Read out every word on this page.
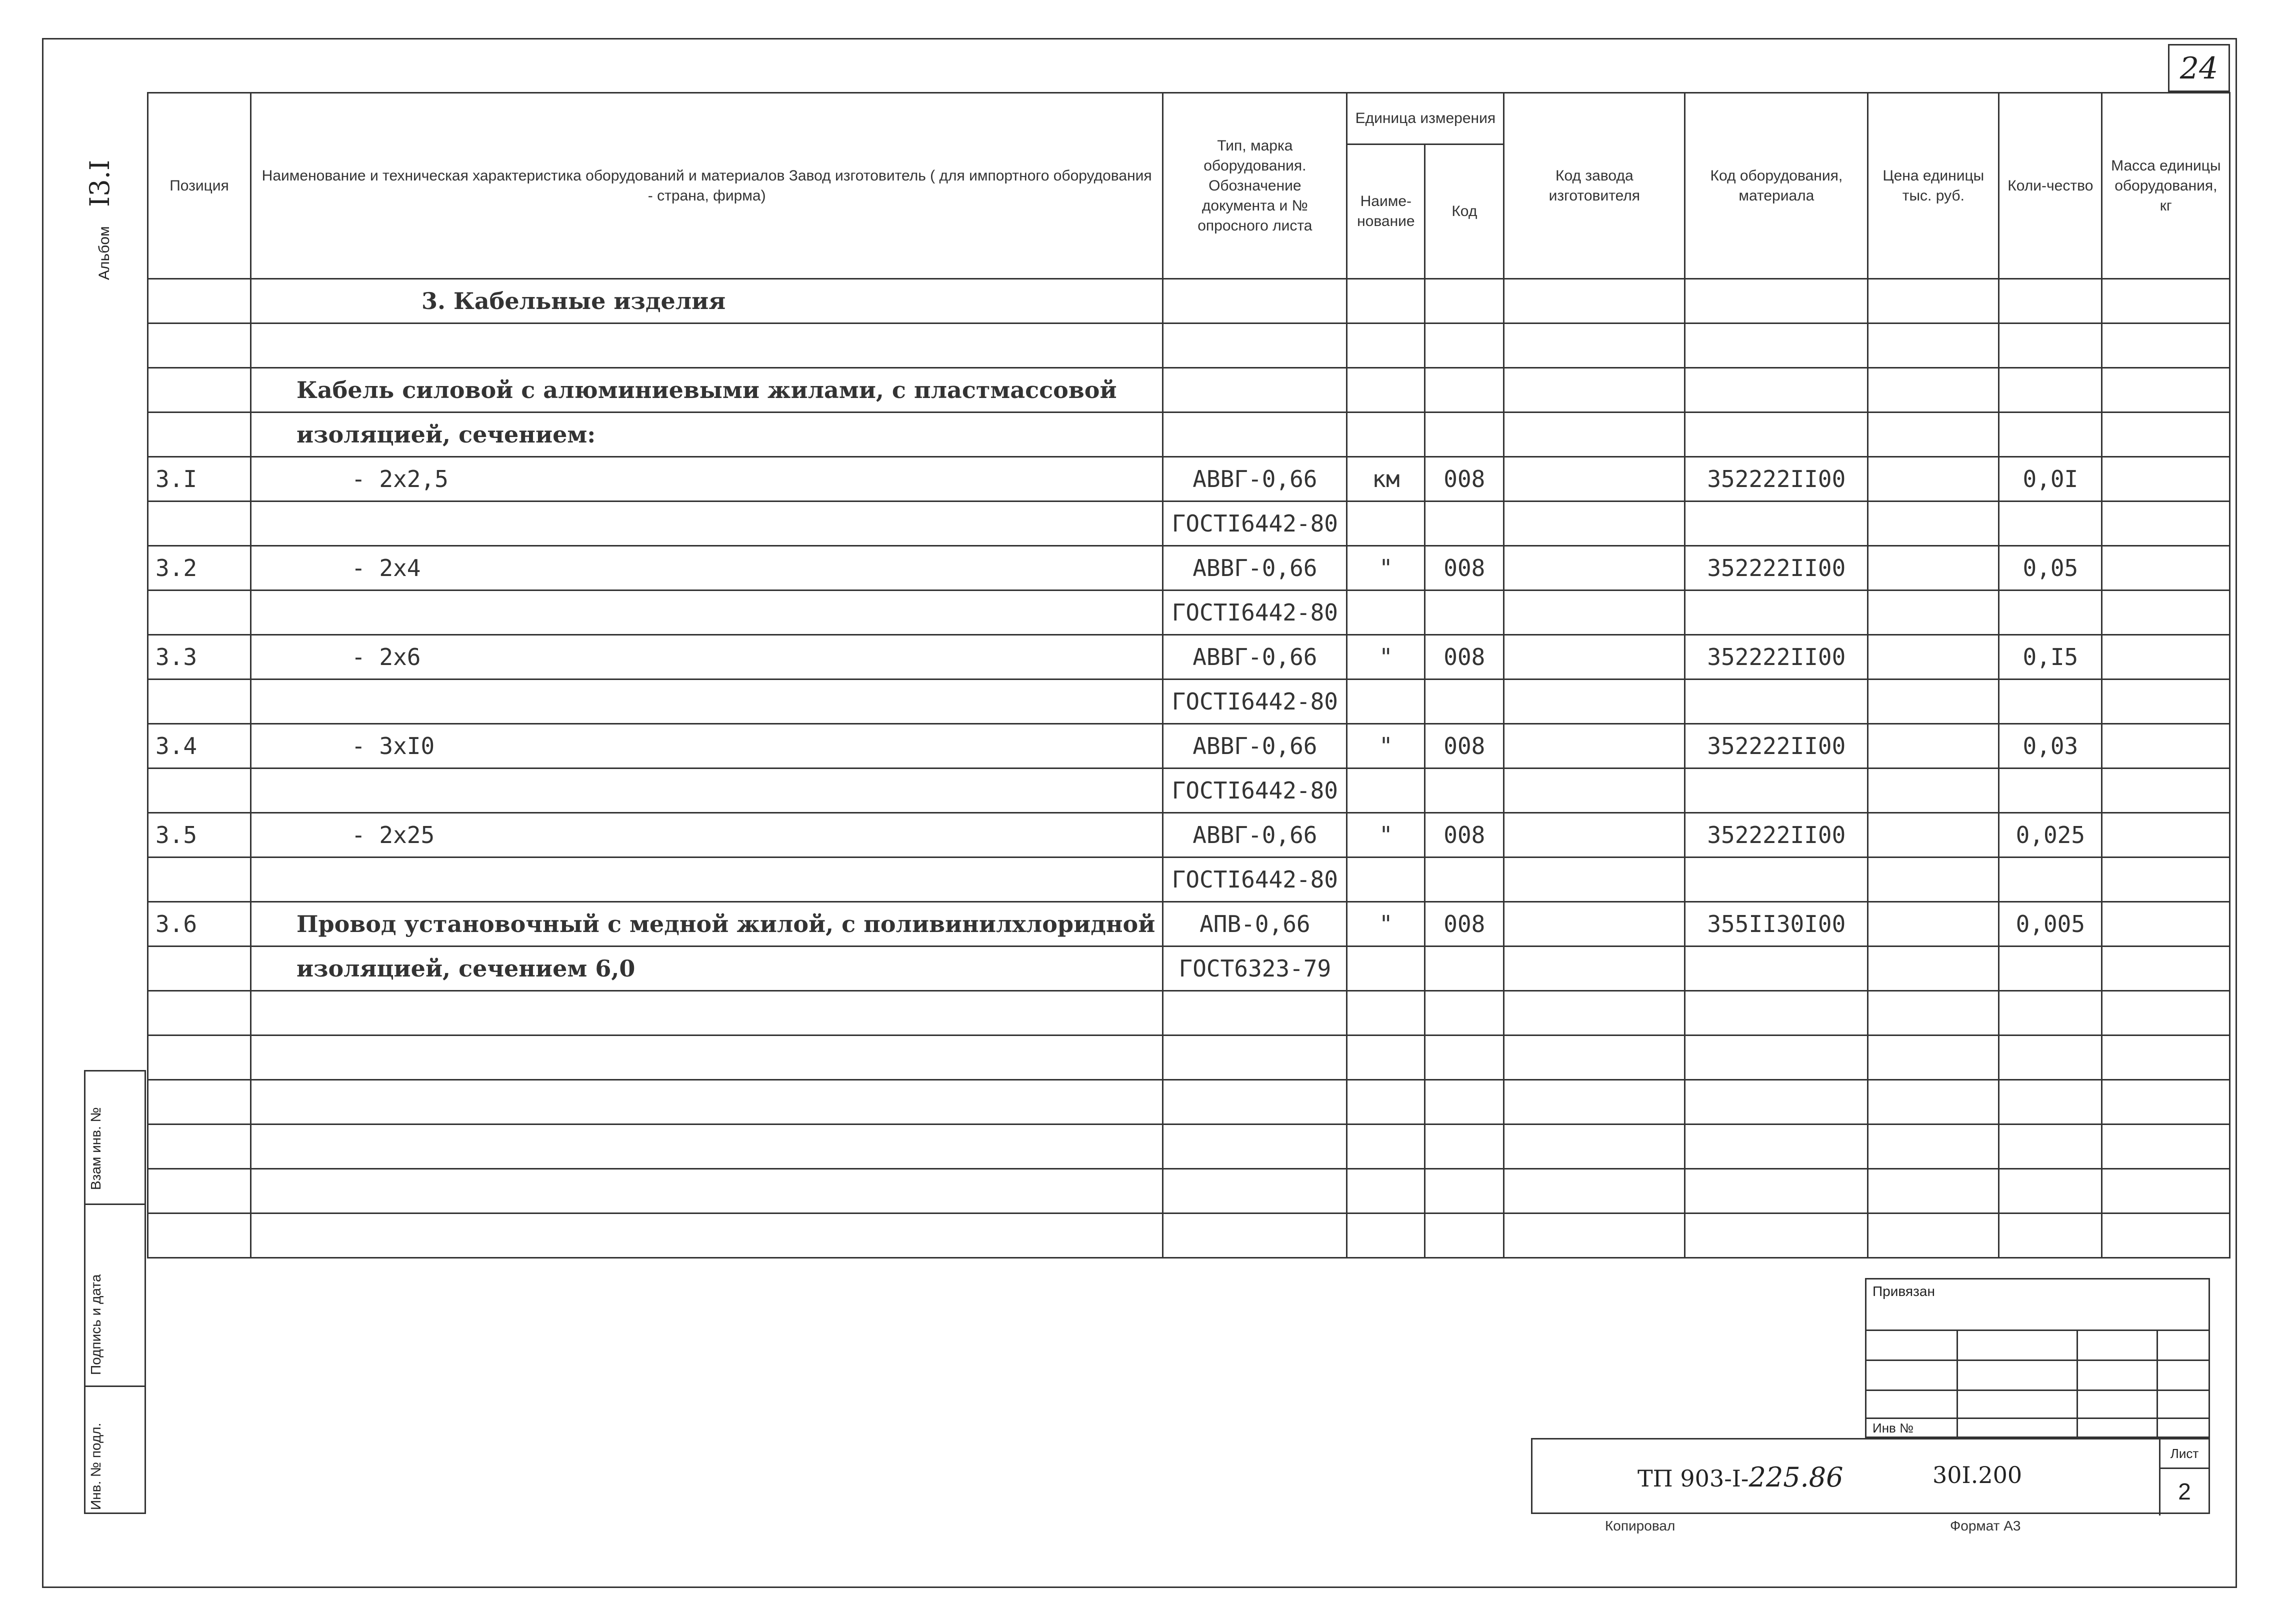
24
Альбом I3.I	Позиция	Наименование и техническая характеристика оборудований и материалов Завод изготовитель ( для импортного оборудования - страна, фирма)	Тип, марка оборудования. Обозначение документа и № опросного листа	Единица измерения		Код завода изготовителя	Код оборудования, материала	Цена единицы тыс. руб.	Коли-чество	Масса единицы оборудования, кг
			Наиме-нование	Код					
	3. Кабельные изделия								

	Кабель силовой с алюминиевыми жилами, с пластмассовой								
	изоляцией, сечением:								
3.I	- 2х2,5	АВВГ-0,66	км	008		352222II00		0,0I	
		ГОСТI6442-80							
3.2	- 2х4	АВВГ-0,66	"	008		352222II00		0,05	
		ГОСТI6442-80							
3.3	- 2х6	АВВГ-0,66	"	008		352222II00		0,I5	
		ГОСТI6442-80							
3.4	- 3хI0	АВВГ-0,66	"	008		352222II00		0,03	
		ГОСТI6442-80							
3.5	- 2х25	АВВГ-0,66	"	008		352222II00		0,025	
		ГОСТI6442-80							
3.6	Провод установочный с медной жилой, с поливинилхлоридной	АПВ-0,66	"	008		355II30I00		0,005	
	изоляцией, сечением 6,0	ГОСТ6323-79							

Взам инв. №
Подпись и дата
Инв. № подл.
Привязан
Инв №
ТП 903-I-225.86	30I.200
Лист
2
Копировал	Формат А3
